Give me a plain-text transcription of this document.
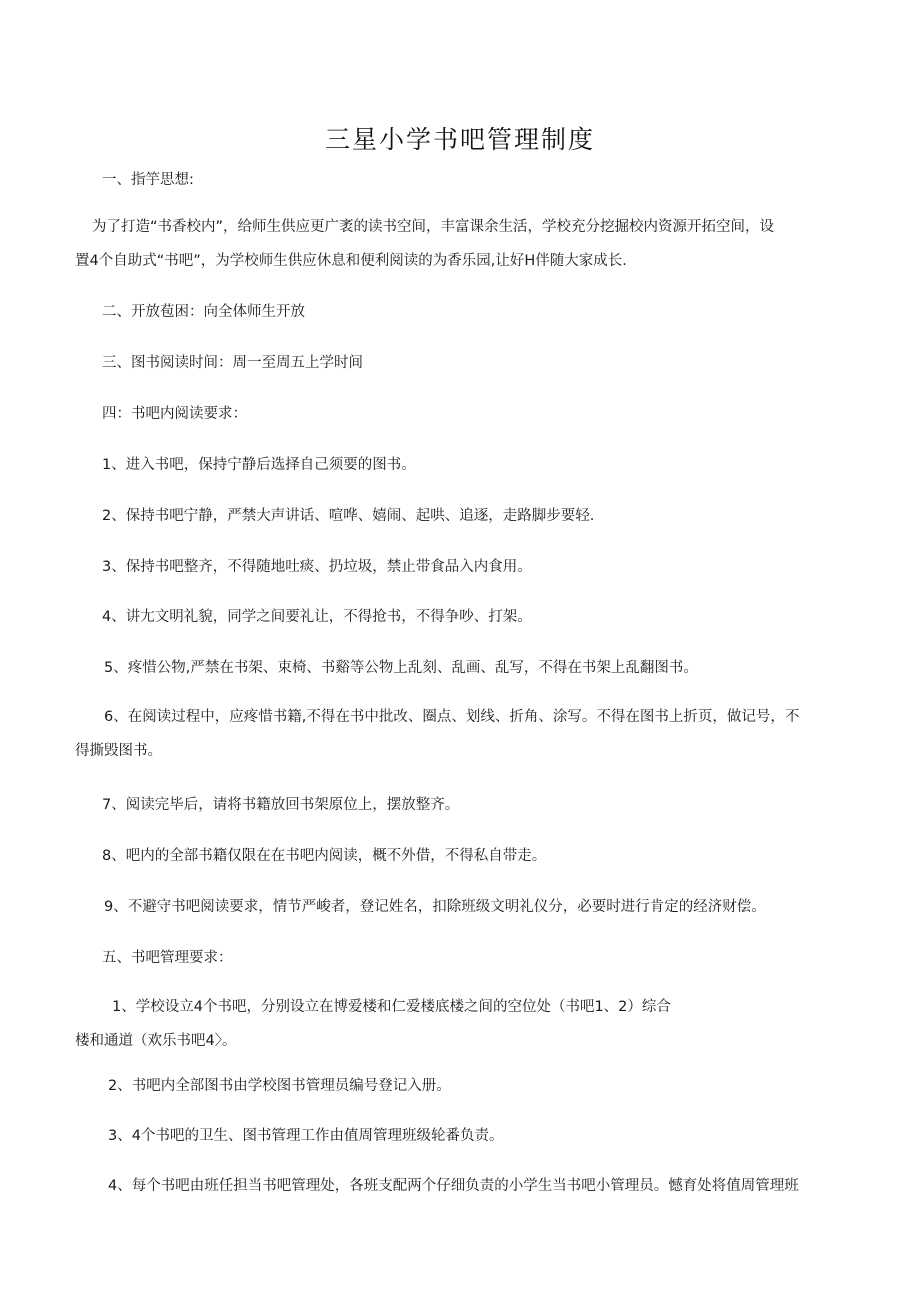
三星小学书吧管理制度
一、指竽思想:
为了打造“书香校内”，给师生供应更广袤的读书空间，丰富课余生活，学校充分挖掘校内资源开拓空间，设
置4个自助式“书吧”，为学校师生供应休息和便利阅读的为香乐园,让好H伴随大家成长.
二、开放苞困：向全体师生开放
三、图书阅读时间：周一至周五上学时间
四：书吧内阅读要求：
1、进入书吧，保持宁静后选择自己须要的图书。
2、保持书吧宁静，严禁大声讲话、喧哗、嬉闹、起哄、追逐，走路脚步要轻.
3、保持书吧整齐，不得随地吐痰、扔垃圾，禁止带食品入内食用。
4、讲尢文明礼貌，同学之间要礼让，不得抢书，不得争吵、打架。
5、疼惜公物,严禁在书架、束椅、书谿等公物上乱刻、乱画、乱写，不得在书架上乱翻图书。
6、在阅读过程中，应疼惜书籍,不得在书中批改、圈点、划线、折角、涂写。不得在图书上折页，做记号，不
得撕毁图书。
7、阅读完毕后，请将书籍放回书架原位上，摆放整齐。
8、吧内的全部书籍仅限在在书吧内阅读，概不外借，不得私自带走。
9、不避守书吧阅读要求，情节严峻者，登记姓名，扣除班级文明礼仪分，必要时进行肯定的经济财偿。
五、书吧管理要求：
1、学校设立4个书吧，分别设立在博爱楼和仁爱楼底楼之间的空位处（书吧1、2）综合
楼和通道（欢乐书吧4〉。
2、书吧内全部图书由学校图书管理员编号登记入册。
3、4个书吧的卫生、图书管理工作由值周管理班级轮番负责。
4、每个书吧由班任担当书吧管理处，各班支配两个仔细负责的小学生当书吧小管理员。憾育处将值周管理班
